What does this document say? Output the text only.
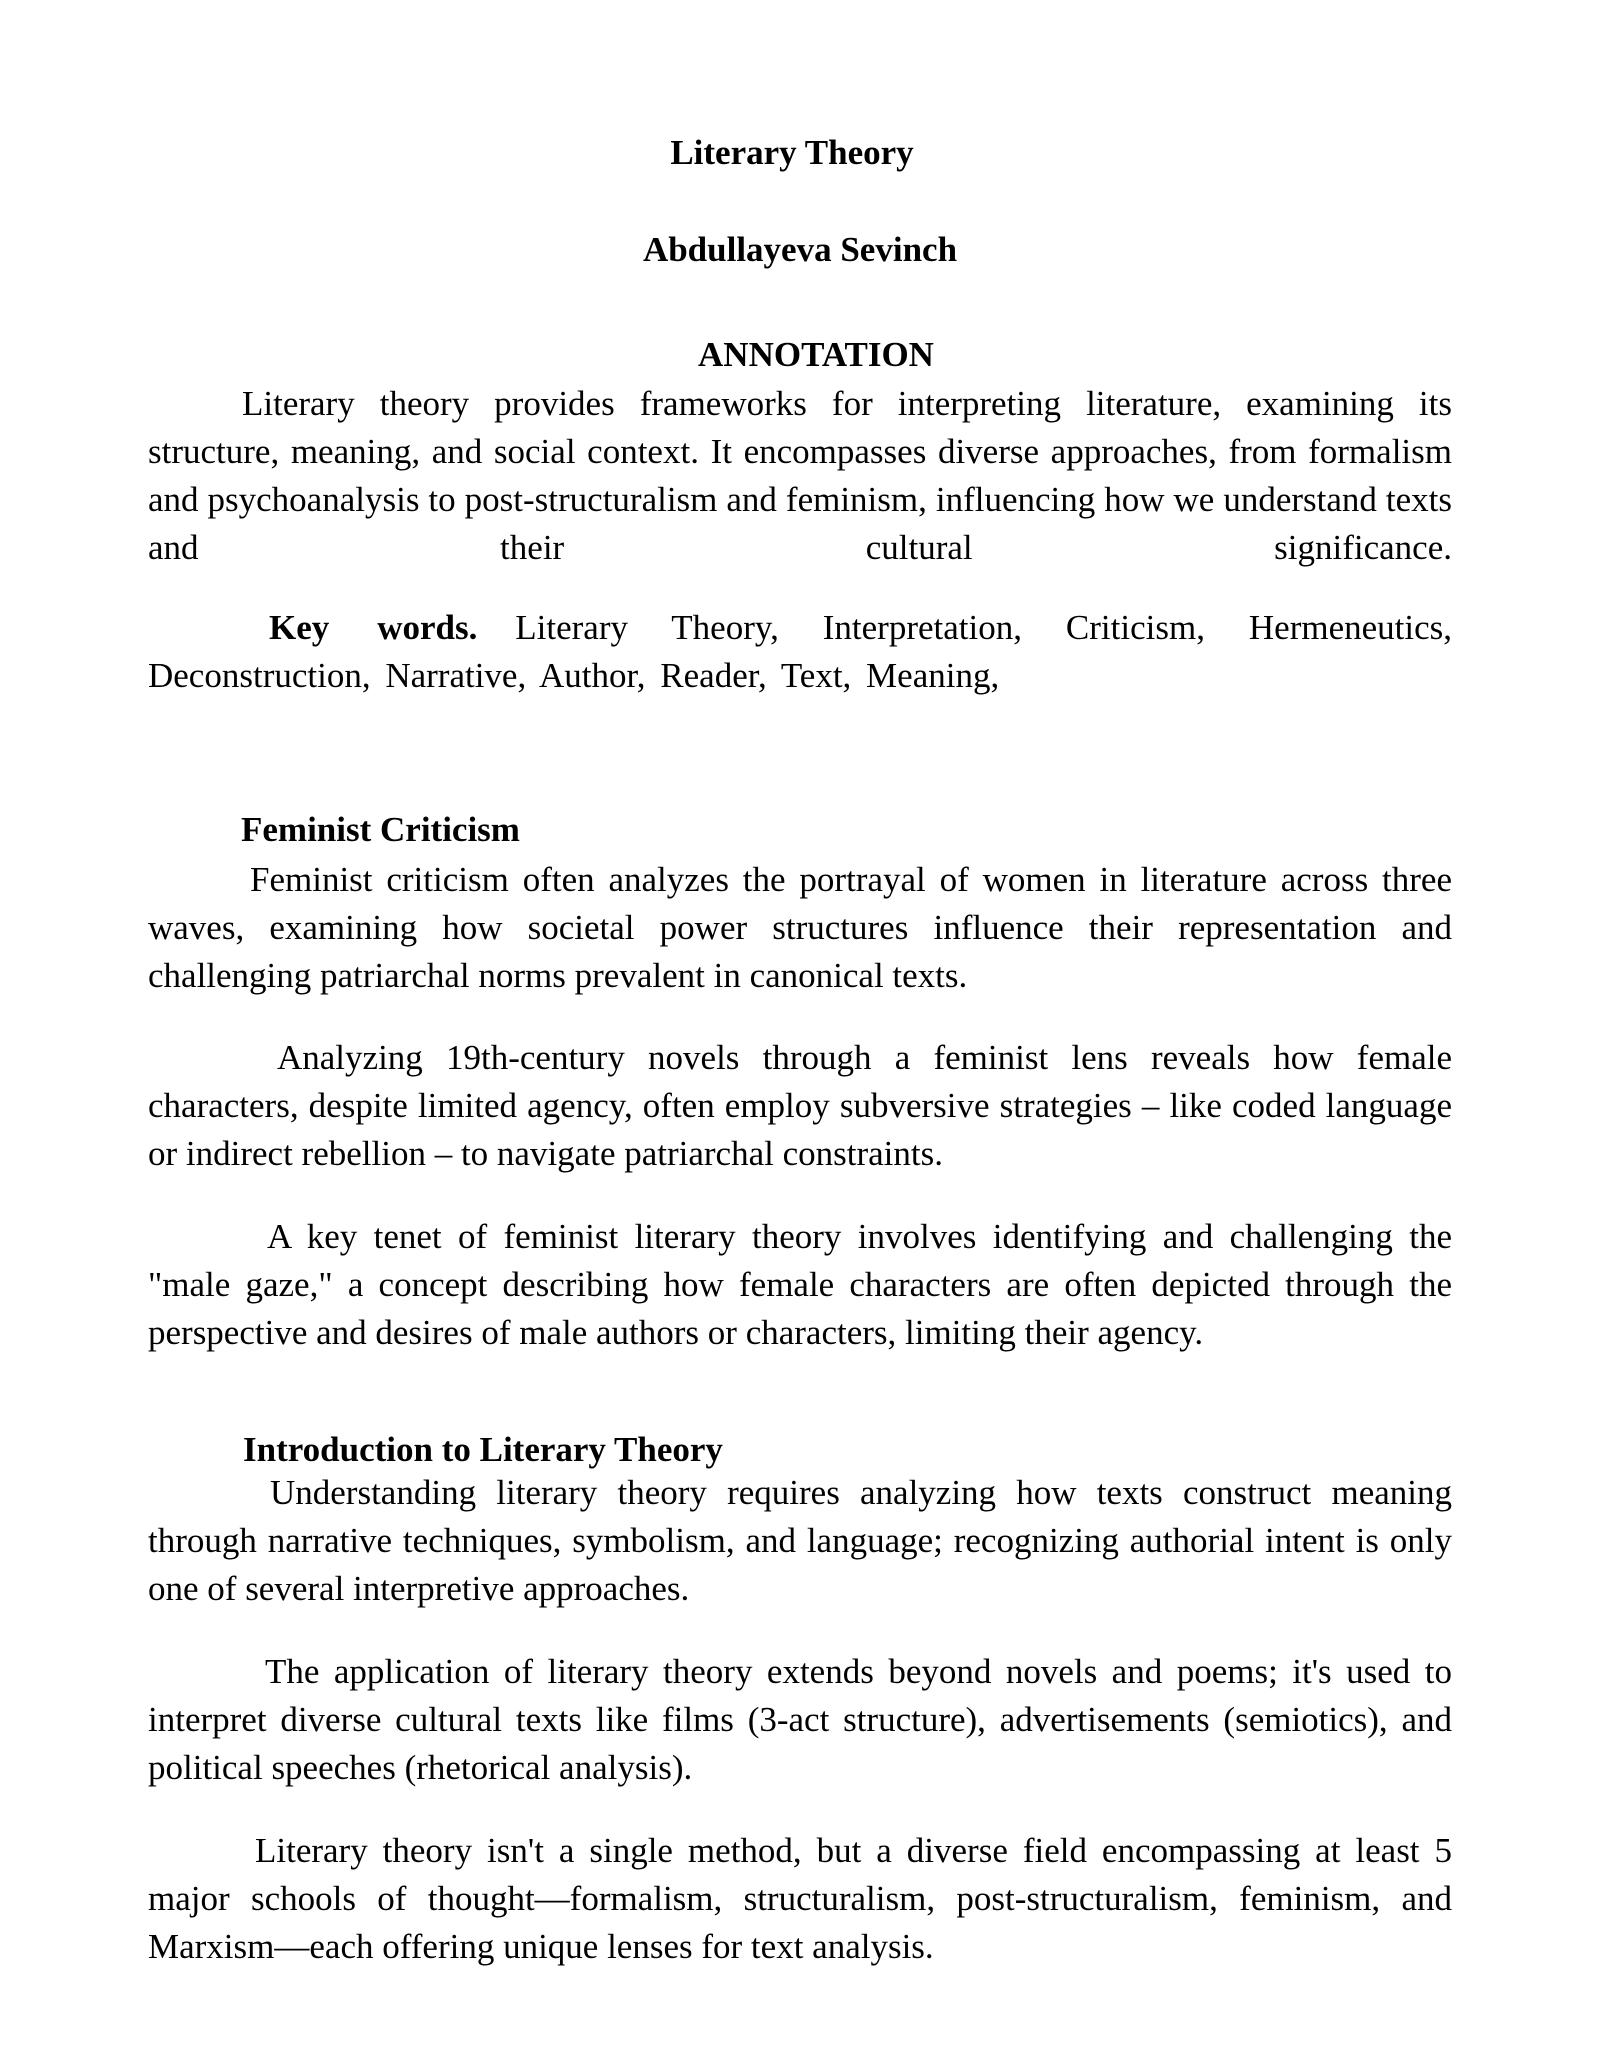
Literary Theory
Abdullayeva Sevinch
ANNOTATION

Literary theory provides frameworks for interpreting literature, examining its structure, meaning, and social context. It encompasses diverse approaches, from formalism and psychoanalysis to post-structuralism and feminism, influencing how we understand texts and their cultural significance.

Key words. Literary Theory, Interpretation, Criticism, Hermeneutics, Deconstruction, Narrative, Author, Reader, Text, Meaning,

Feminist Criticism

Feminist criticism often analyzes the portrayal of women in literature across three waves, examining how societal power structures influence their representation and challenging patriarchal norms prevalent in canonical texts.

Analyzing 19th-century novels through a feminist lens reveals how female characters, despite limited agency, often employ subversive strategies – like coded language or indirect rebellion – to navigate patriarchal constraints.

A key tenet of feminist literary theory involves identifying and challenging the "male gaze," a concept describing how female characters are often depicted through the perspective and desires of male authors or characters, limiting their agency.

Introduction to Literary Theory

Understanding literary theory requires analyzing how texts construct meaning through narrative techniques, symbolism, and language; recognizing authorial intent is only one of several interpretive approaches.

The application of literary theory extends beyond novels and poems; it's used to interpret diverse cultural texts like films (3-act structure), advertisements (semiotics), and political speeches (rhetorical analysis).

Literary theory isn't a single method, but a diverse field encompassing at least 5 major schools of thought—formalism, structuralism, post-structuralism, feminism, and Marxism—each offering unique lenses for text analysis.
